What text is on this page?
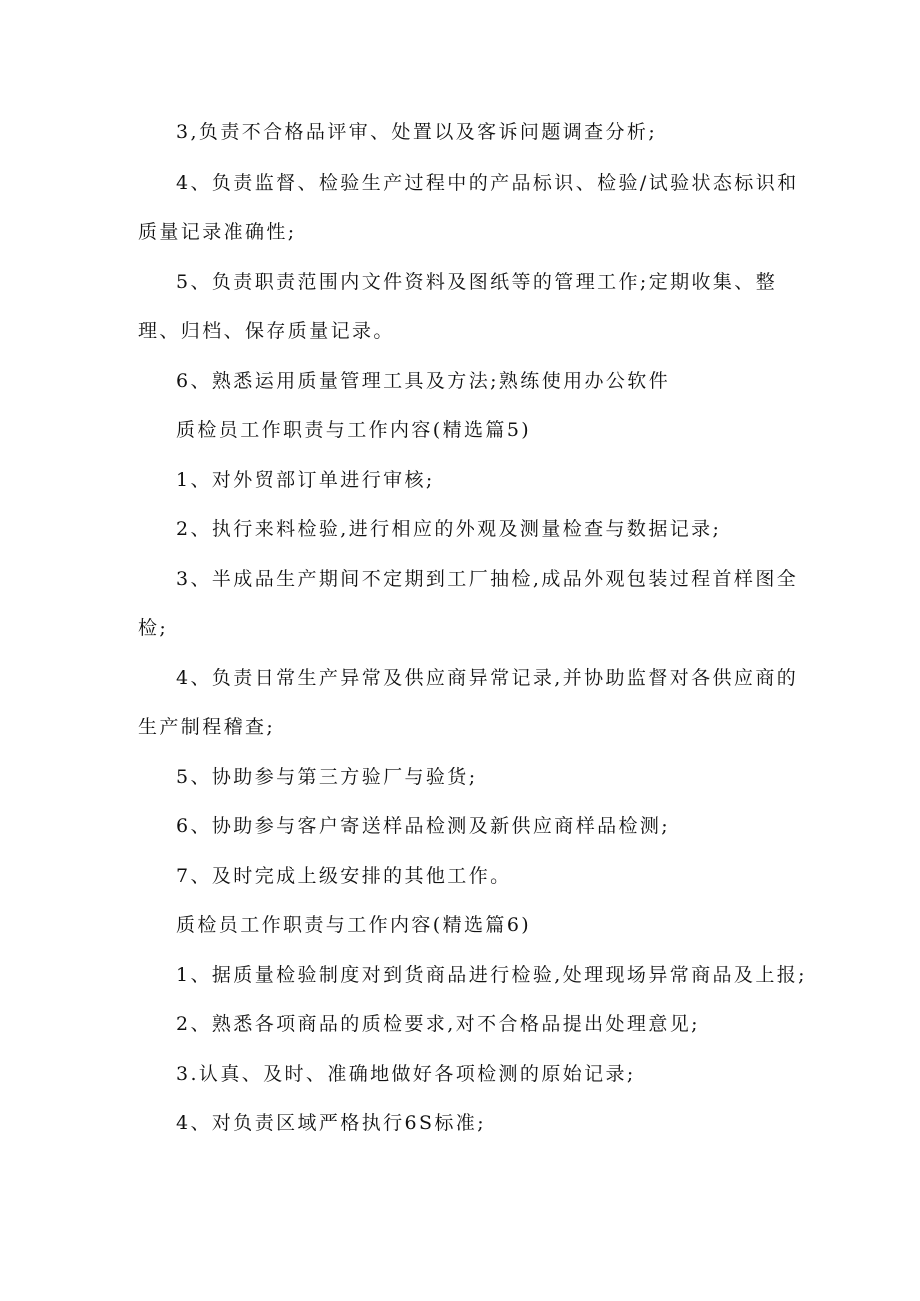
3,负责不合格品评审、处置以及客诉问题调查分析;

4、负责监督、检验生产过程中的产品标识、检验/试验状态标识和

质量记录准确性;

5、负责职责范围内文件资料及图纸等的管理工作;定期收集、整

理、归档、保存质量记录。

6、熟悉运用质量管理工具及方法;熟练使用办公软件

质检员工作职责与工作内容(精选篇5)

1、对外贸部订单进行审核;

2、执行来料检验,进行相应的外观及测量检查与数据记录;

3、半成品生产期间不定期到工厂抽检,成品外观包装过程首样图全

检;

4、负责日常生产异常及供应商异常记录,并协助监督对各供应商的

生产制程稽查;

5、协助参与第三方验厂与验货;

6、协助参与客户寄送样品检测及新供应商样品检测;

7、及时完成上级安排的其他工作。

质检员工作职责与工作内容(精选篇6)

1、据质量检验制度对到货商品进行检验,处理现场异常商品及上报;

2、熟悉各项商品的质检要求,对不合格品提出处理意见;

3.认真、及时、准确地做好各项检测的原始记录;

4、对负责区域严格执行6S标准;
